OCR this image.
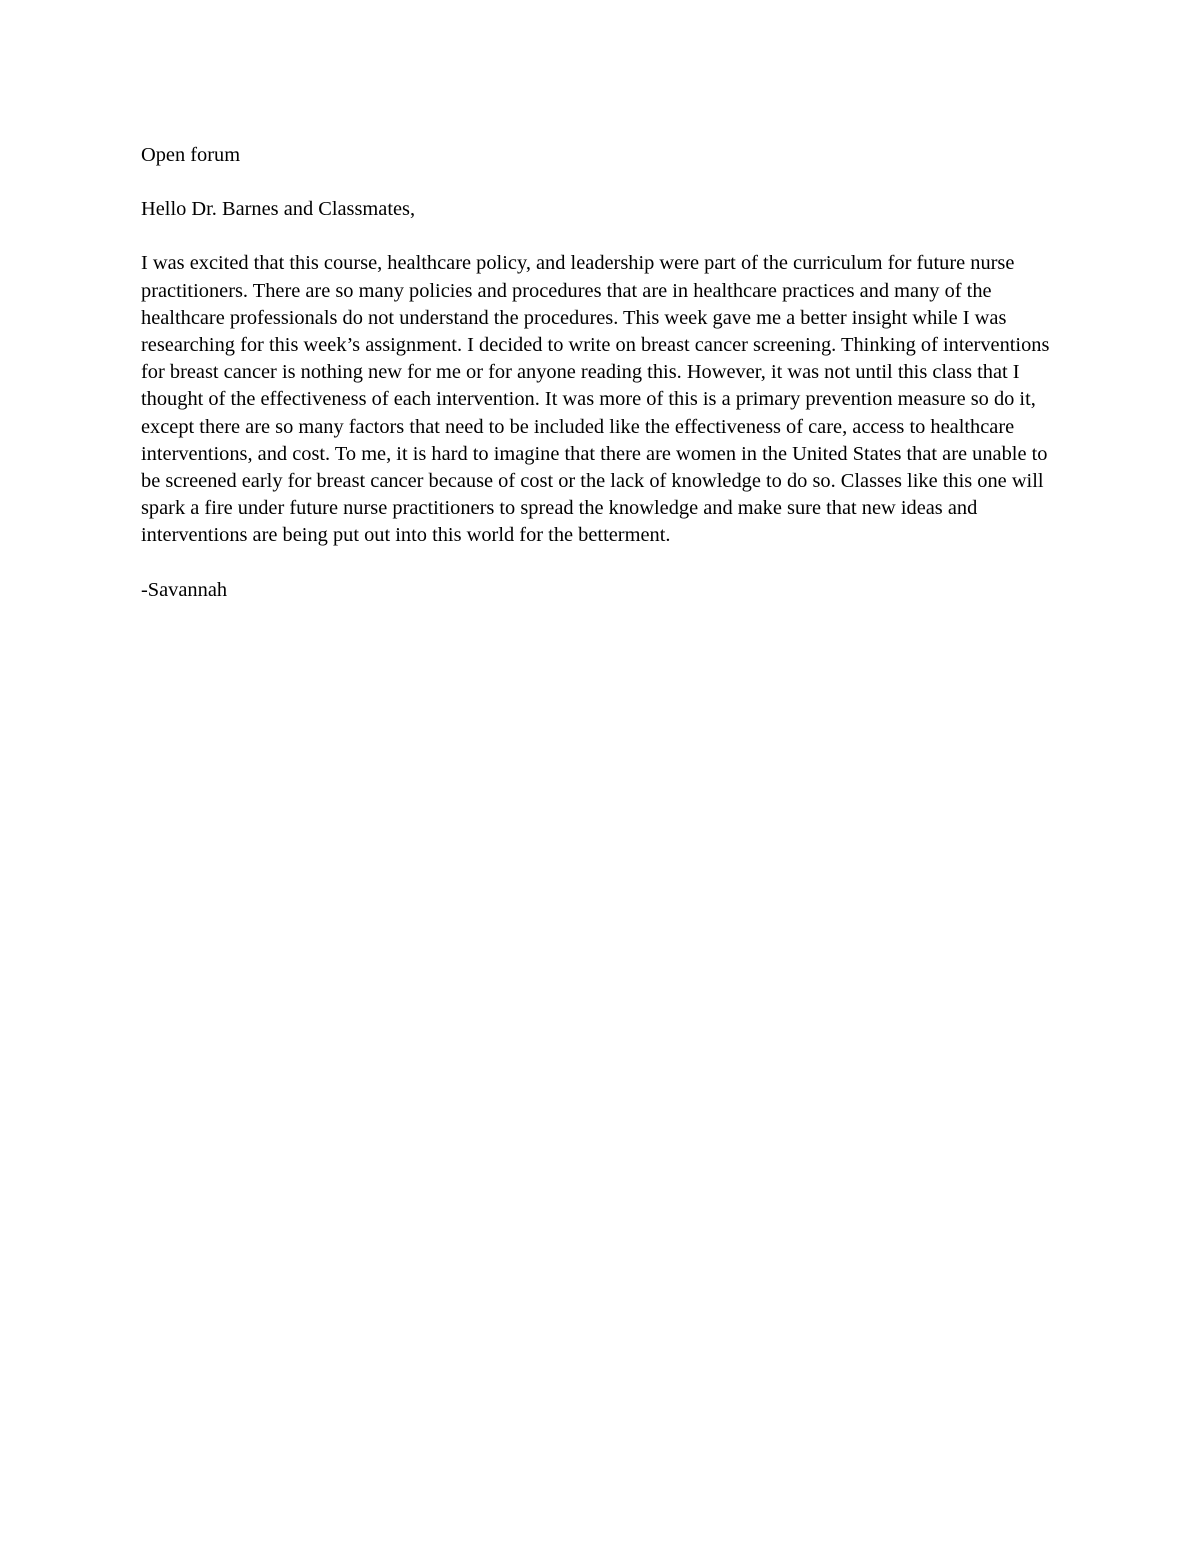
Open forum

Hello Dr. Barnes and Classmates,

I was excited that this course, healthcare policy, and leadership were part of the curriculum for future nurse practitioners. There are so many policies and procedures that are in healthcare practices and many of the healthcare professionals do not understand the procedures. This week gave me a better insight while I was researching for this week’s assignment. I decided to write on breast cancer screening. Thinking of interventions for breast cancer is nothing new for me or for anyone reading this. However, it was not until this class that I thought of the effectiveness of each intervention. It was more of this is a primary prevention measure so do it, except there are so many factors that need to be included like the effectiveness of care, access to healthcare interventions, and cost. To me, it is hard to imagine that there are women in the United States that are unable to be screened early for breast cancer because of cost or the lack of knowledge to do so. Classes like this one will spark a fire under future nurse practitioners to spread the knowledge and make sure that new ideas and interventions are being put out into this world for the betterment.

-Savannah
